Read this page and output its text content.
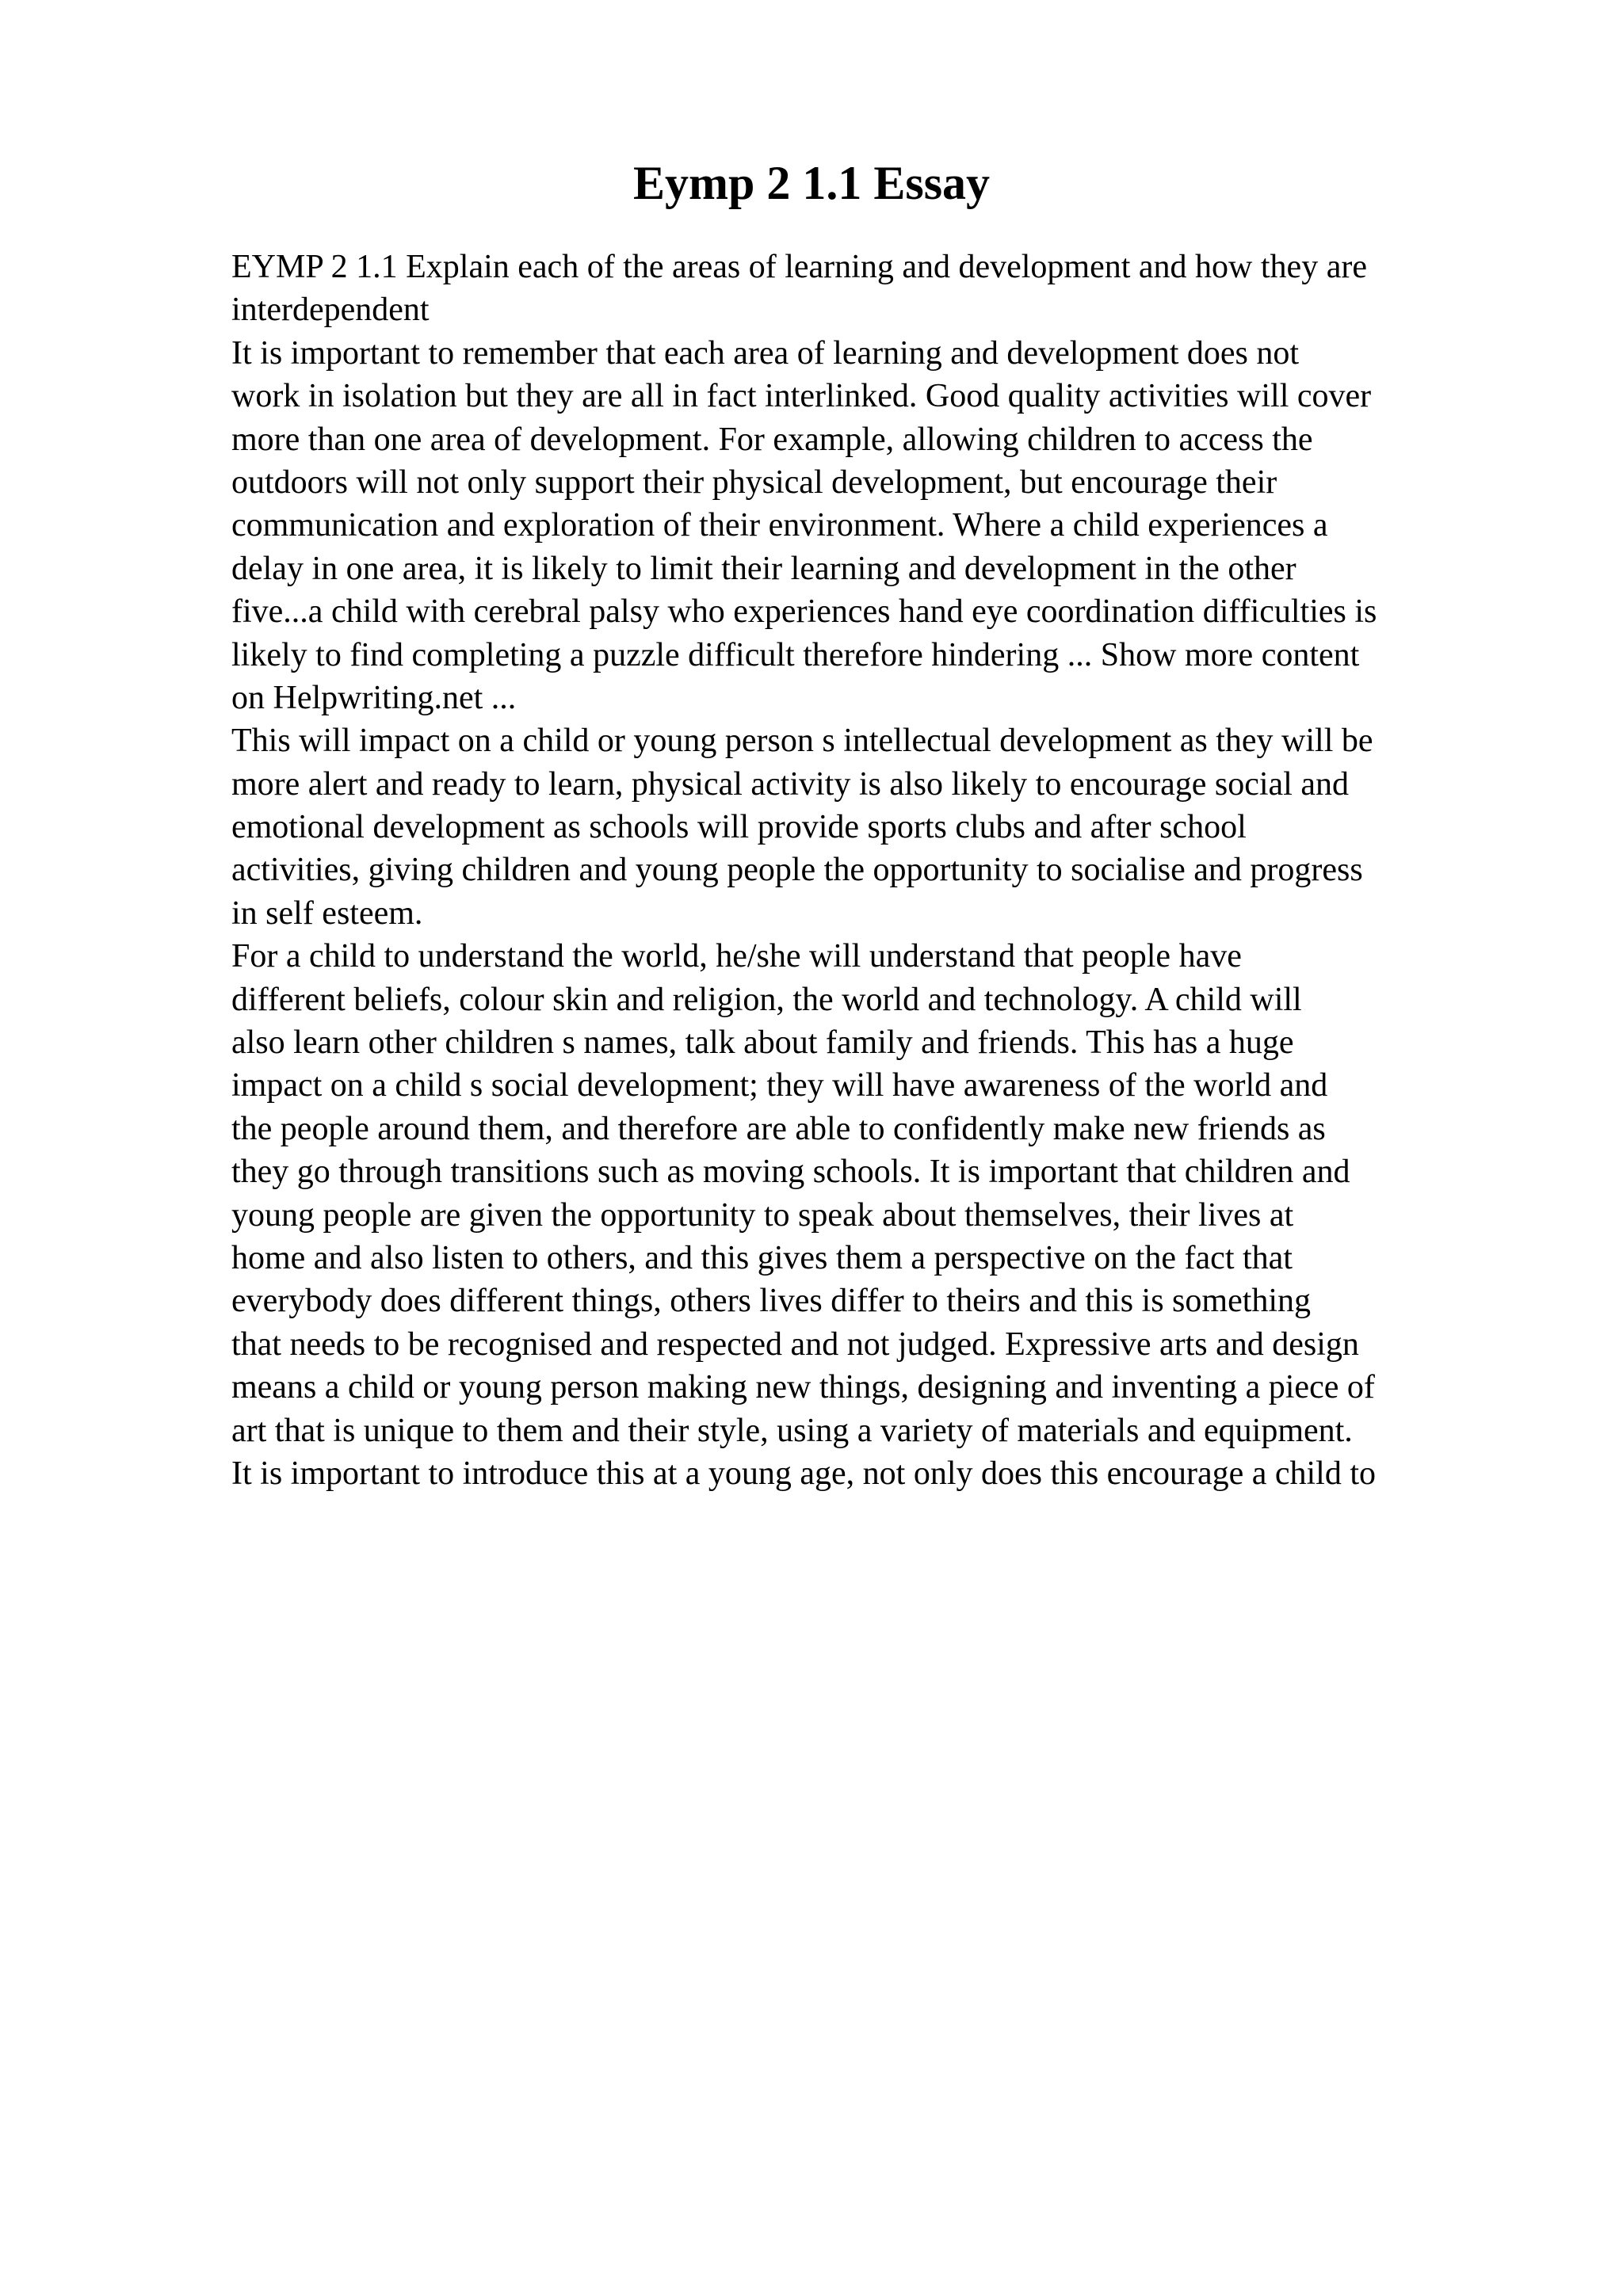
Eymp 2 1.1 Essay
EYMP 2 1.1 Explain each of the areas of learning and development and how they are
interdependent
It is important to remember that each area of learning and development does not
work in isolation but they are all in fact interlinked. Good quality activities will cover
more than one area of development. For example, allowing children to access the
outdoors will not only support their physical development, but encourage their
communication and exploration of their environment. Where a child experiences a
delay in one area, it is likely to limit their learning and development in the other
five...a child with cerebral palsy who experiences hand eye coordination difficulties is
likely to find completing a puzzle difficult therefore hindering ... Show more content
on Helpwriting.net ...
This will impact on a child or young person s intellectual development as they will be
more alert and ready to learn, physical activity is also likely to encourage social and
emotional development as schools will provide sports clubs and after school
activities, giving children and young people the opportunity to socialise and progress
in self esteem.
For a child to understand the world, he/she will understand that people have
different beliefs, colour skin and religion, the world and technology. A child will
also learn other children s names, talk about family and friends. This has a huge
impact on a child s social development; they will have awareness of the world and
the people around them, and therefore are able to confidently make new friends as
they go through transitions such as moving schools. It is important that children and
young people are given the opportunity to speak about themselves, their lives at
home and also listen to others, and this gives them a perspective on the fact that
everybody does different things, others lives differ to theirs and this is something
that needs to be recognised and respected and not judged. Expressive arts and design
means a child or young person making new things, designing and inventing a piece of
art that is unique to them and their style, using a variety of materials and equipment.
It is important to introduce this at a young age, not only does this encourage a child to
